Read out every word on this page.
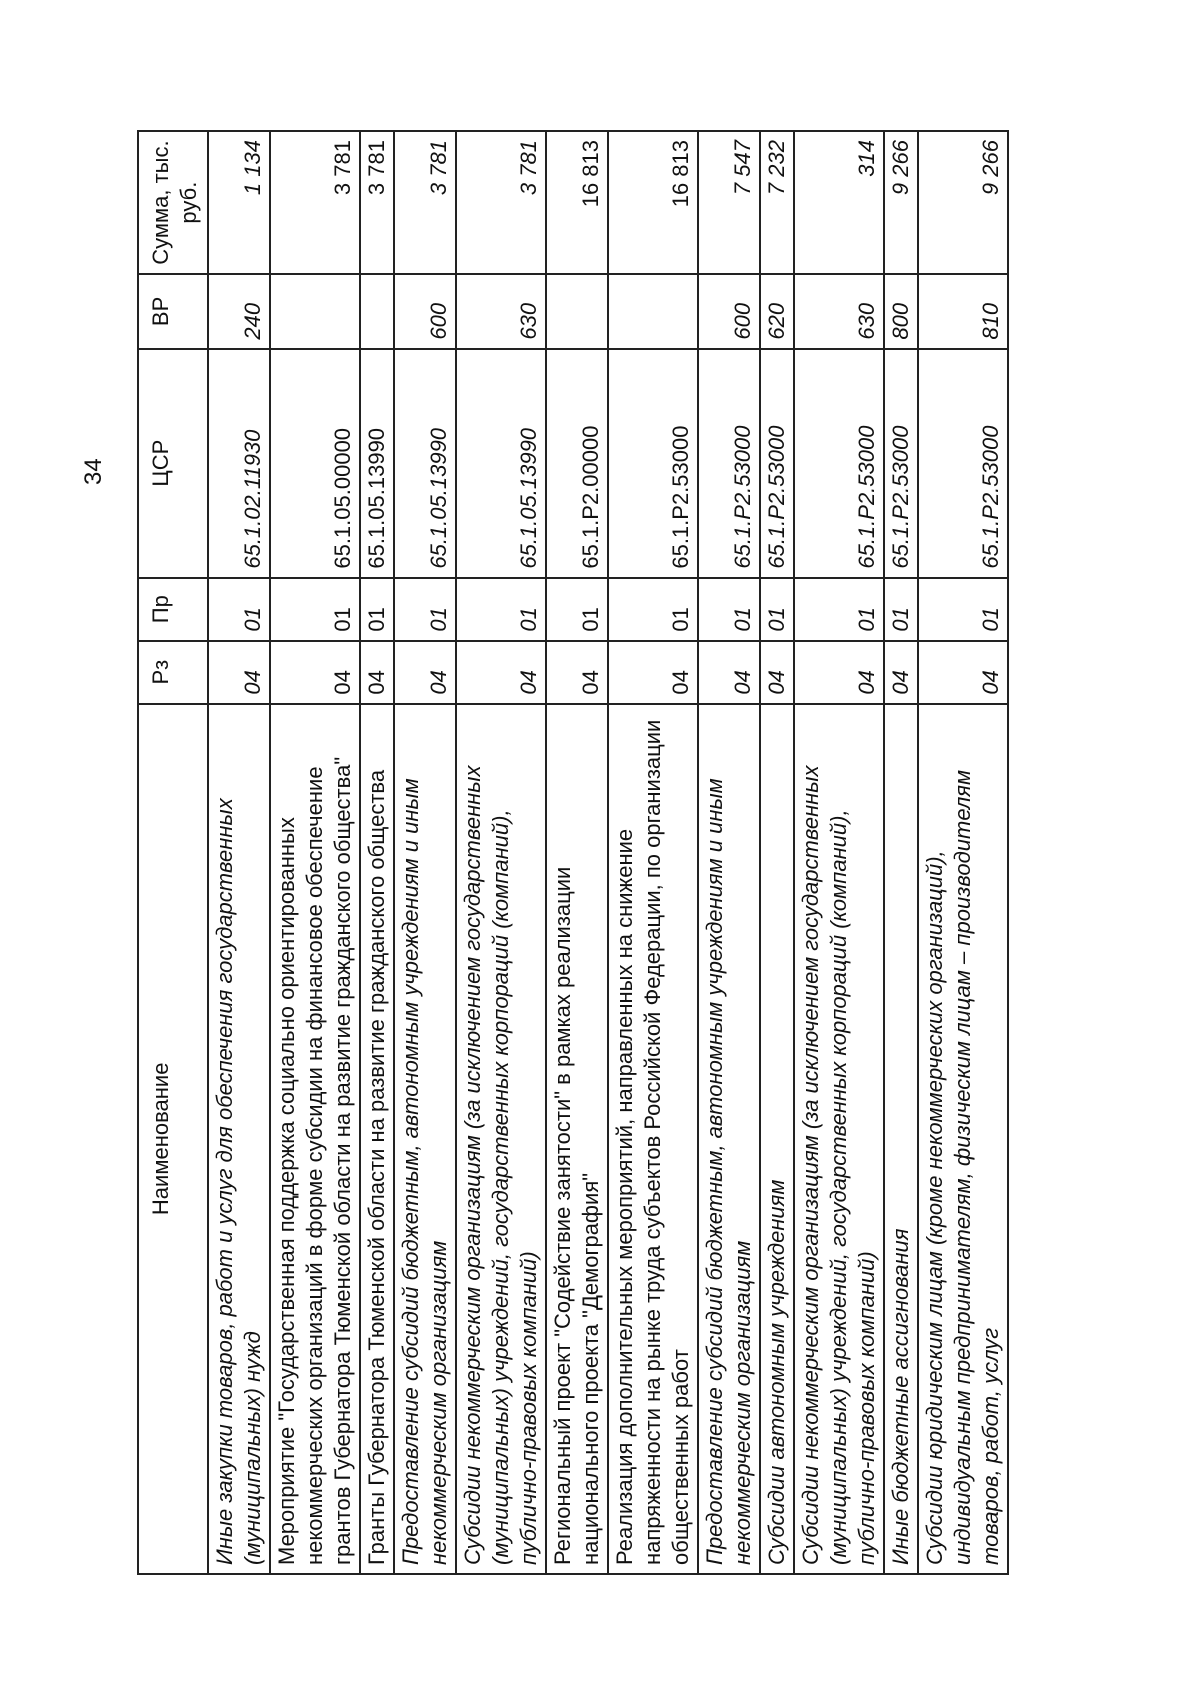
34
Наименование	Рз	Пр	ЦСР	ВР	Сумма, тыс. руб.
Иные закупки товаров, работ и услуг для обеспечения государственных (муниципальных) нужд	04	01	65.1.02.11930	240	1 134
Мероприятие "Государственная поддержка социально ориентированных некоммерческих организаций в форме субсидии на финансовое обеспечение грантов Губернатора Тюменской области на развитие гражданского общества"	04	01	65.1.05.00000		3 781
Гранты Губернатора Тюменской области на развитие гражданского общества	04	01	65.1.05.13990		3 781
Предоставление субсидий бюджетным, автономным учреждениям и иным некоммерческим организациям	04	01	65.1.05.13990	600	3 781
Субсидии некоммерческим организациям (за исключением государственных (муниципальных) учреждений, государственных корпораций (компаний), публично-правовых компаний)	04	01	65.1.05.13990	630	3 781
Региональный проект "Содействие занятости" в рамках реализации национального проекта "Демография"	04	01	65.1.P2.00000		16 813
Реализация дополнительных мероприятий, направленных на снижение напряженности на рынке труда субъектов Российской Федерации, по организации общественных работ	04	01	65.1.P2.53000		16 813
Предоставление субсидий бюджетным, автономным учреждениям и иным некоммерческим организациям	04	01	65.1.P2.53000	600	7 547
Субсидии автономным учреждениям	04	01	65.1.P2.53000	620	7 232
Субсидии некоммерческим организациям (за исключением государственных (муниципальных) учреждений, государственных корпораций (компаний), публично-правовых компаний)	04	01	65.1.P2.53000	630	314
Иные бюджетные ассигнования	04	01	65.1.P2.53000	800	9 266
Субсидии юридическим лицам (кроме некоммерческих организаций), индивидуальным предпринимателям, физическим лицам – производителям товаров, работ, услуг	04	01	65.1.P2.53000	810	9 266
